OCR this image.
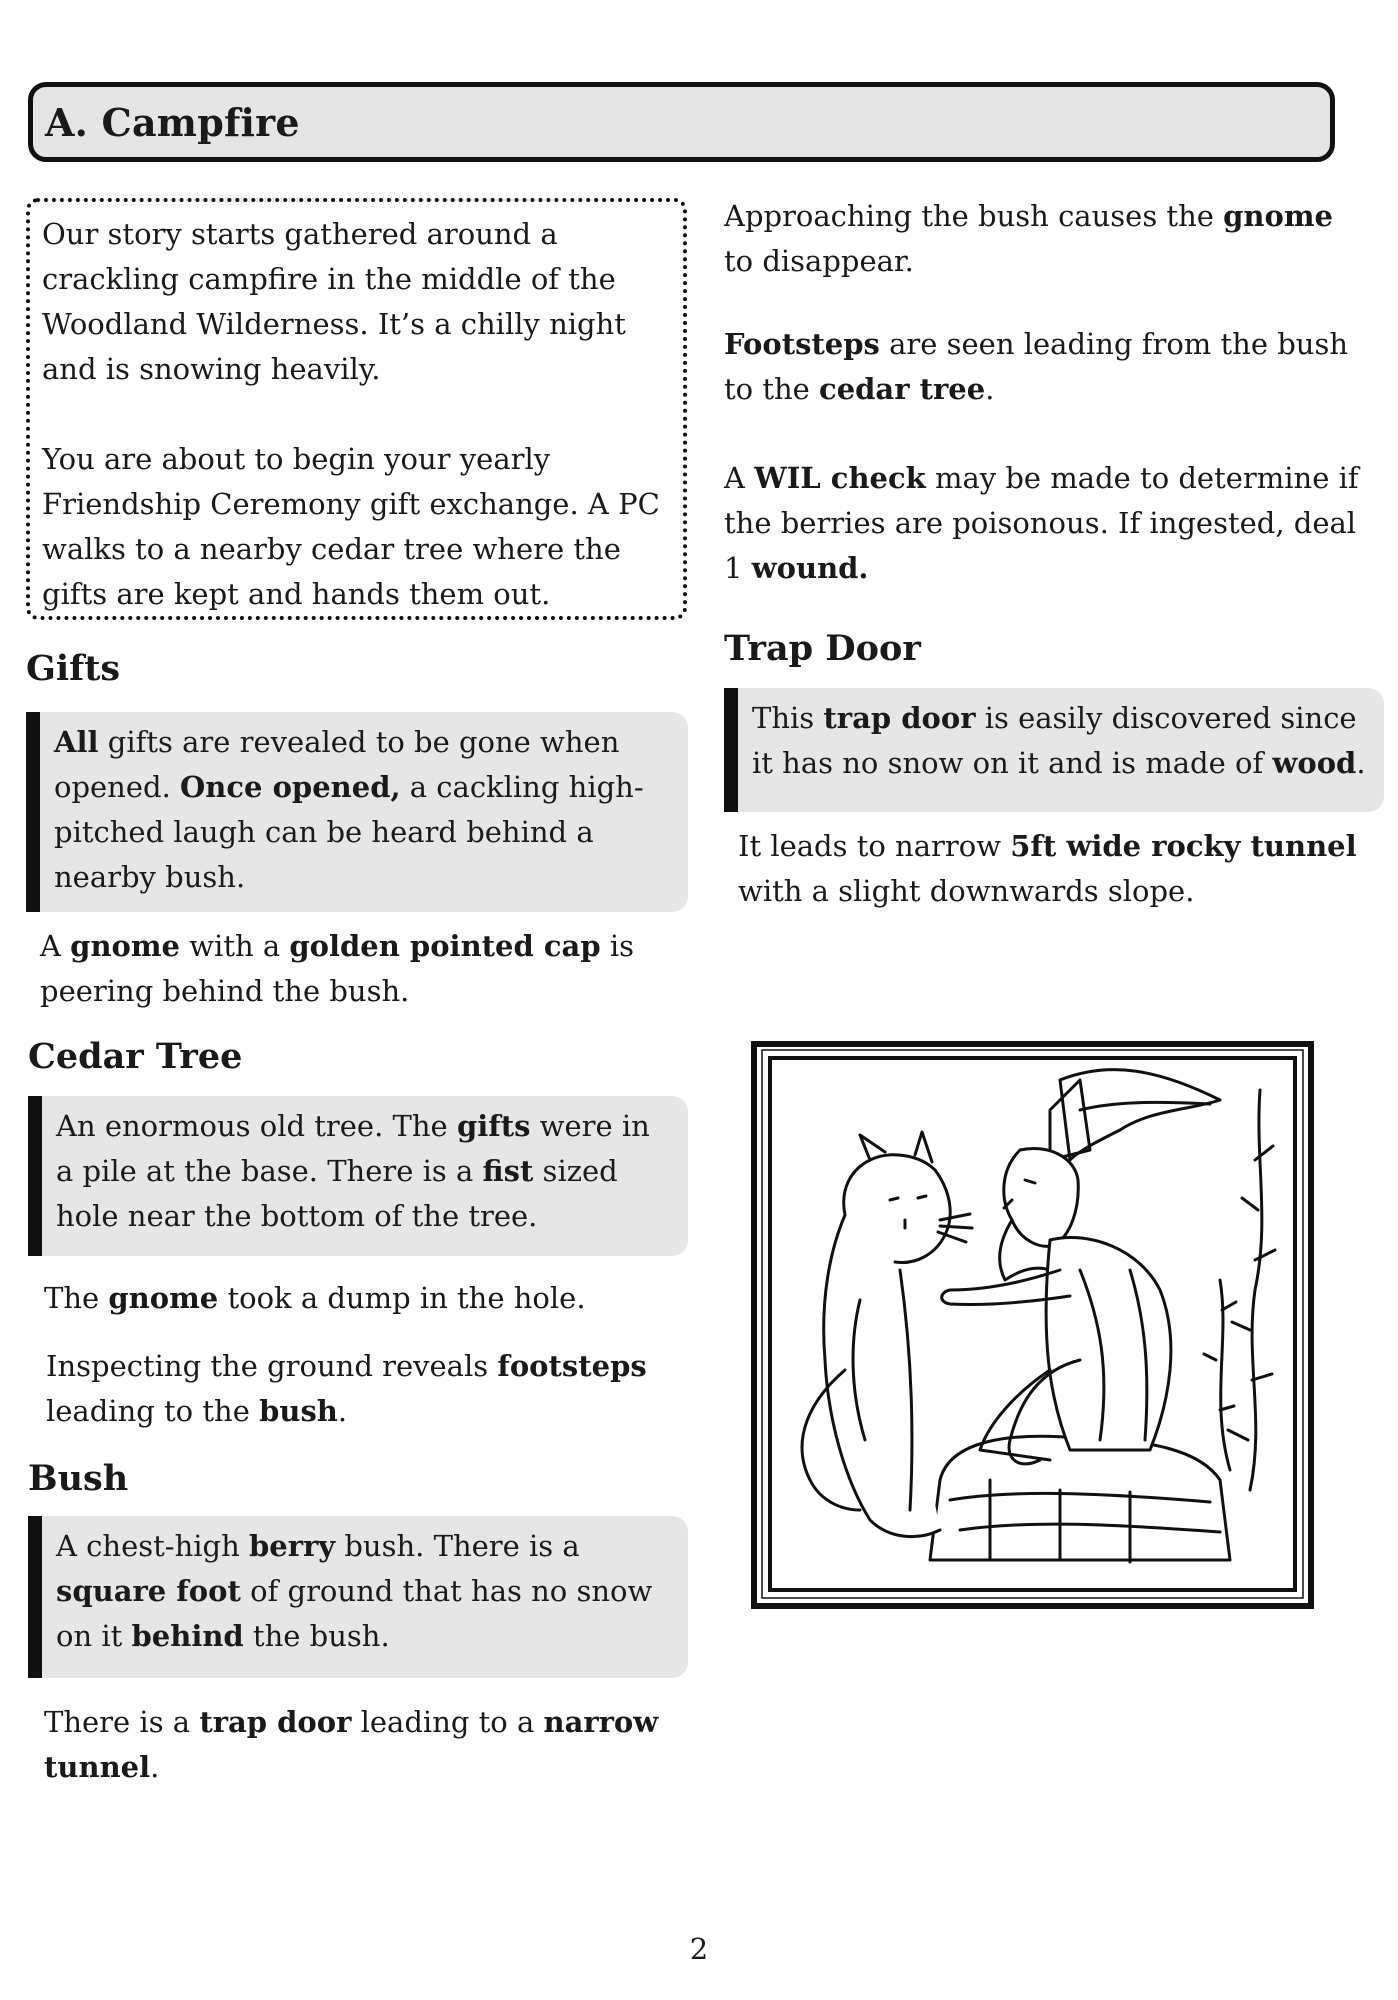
A. Campfire

Our story starts gathered around a crackling campfire in the middle of the Woodland Wilderness. It’s a chilly night and is snowing heavily.

You are about to begin your yearly Friendship Ceremony gift exchange. A PC walks to a nearby cedar tree where the gifts are kept and hands them out.

Gifts
All gifts are revealed to be gone when opened. Once opened, a cackling high-pitched laugh can be heard behind a nearby bush.

A gnome with a golden pointed cap is peering behind the bush.

Cedar Tree
An enormous old tree. The gifts were in a pile at the base. There is a fist sized hole near the bottom of the tree.

The gnome took a dump in the hole.

Inspecting the ground reveals footsteps leading to the bush.

Bush
A chest-high berry bush. There is a square foot of ground that has no snow on it behind the bush.

There is a trap door leading to a narrow tunnel.

Approaching the bush causes the gnome to disappear.

Footsteps are seen leading from the bush to the cedar tree.

A WIL check may be made to determine if the berries are poisonous. If ingested, deal 1 wound.

Trap Door
This trap door is easily discovered since it has no snow on it and is made of wood.

It leads to narrow 5ft wide rocky tunnel with a slight downwards slope.

2
